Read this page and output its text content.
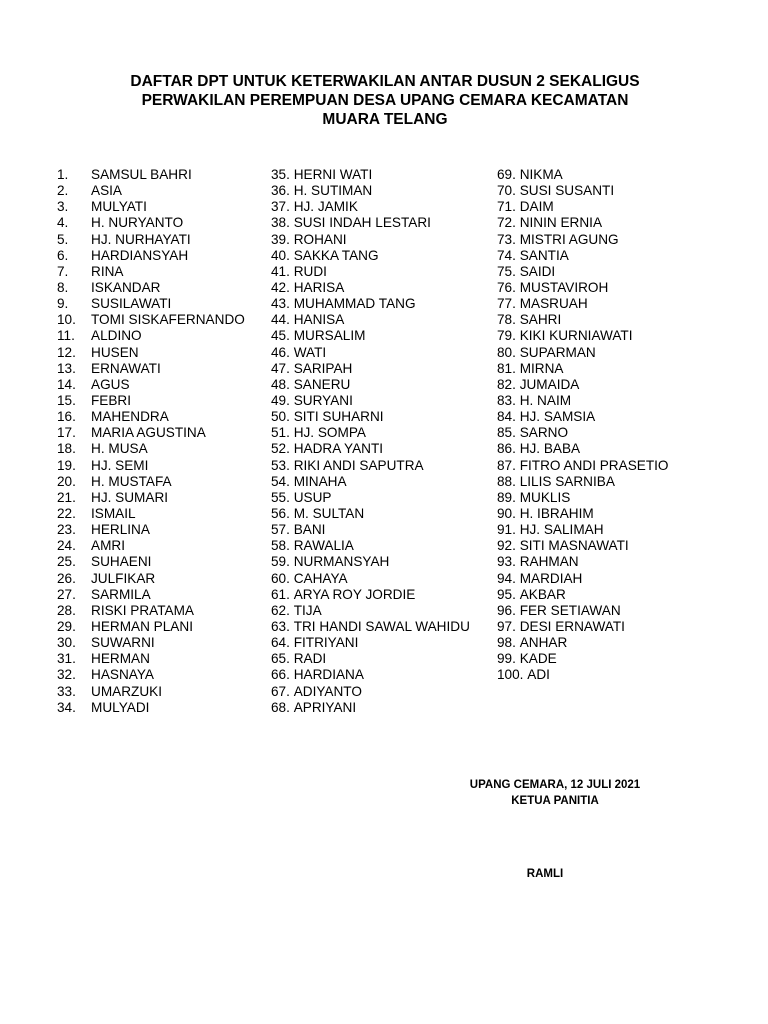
DAFTAR DPT UNTUK KETERWAKILAN ANTAR DUSUN 2 SEKALIGUS
PERWAKILAN PEREMPUAN DESA UPANG CEMARA KECAMATAN
MUARA TELANG
1.	SAMSUL BAHRI
2.	ASIA
3.	MULYATI
4.	H. NURYANTO
5.	HJ. NURHAYATI
6.	HARDIANSYAH
7.	RINA
8.	ISKANDAR
9.	SUSILAWATI
10.	TOMI SISKAFERNANDO
11.	ALDINO
12.	HUSEN
13.	ERNAWATI
14.	AGUS
15.	FEBRI
16.	MAHENDRA
17.	MARIA AGUSTINA
18.	H. MUSA
19.	HJ. SEMI
20.	H. MUSTAFA
21.	HJ. SUMARI
22.	ISMAIL
23.	HERLINA
24.	AMRI
25.	SUHAENI
26.	JULFIKAR
27.	SARMILA
28.	RISKI PRATAMA
29.	HERMAN PLANI
30.	SUWARNI
31.	HERMAN
32.	HASNAYA
33.	UMARZUKI
34.	MULYADI
35. HERNI WATI
36. H. SUTIMAN
37. HJ. JAMIK
38. SUSI INDAH LESTARI
39. ROHANI
40. SAKKA TANG
41. RUDI
42. HARISA
43. MUHAMMAD TANG
44. HANISA
45. MURSALIM
46. WATI
47. SARIPAH
48. SANERU
49. SURYANI
50. SITI SUHARNI
51. HJ. SOMPA
52. HADRA YANTI
53. RIKI ANDI SAPUTRA
54. MINAHA
55. USUP
56. M. SULTAN
57. BANI
58. RAWALIA
59. NURMANSYAH
60. CAHAYA
61. ARYA ROY JORDIE
62. TIJA
63. TRI HANDI SAWAL WAHIDU
64. FITRIYANI
65. RADI
66. HARDIANA
67. ADIYANTO
68. APRIYANI
69. NIKMA
70. SUSI SUSANTI
71. DAIM
72. NININ ERNIA
73. MISTRI AGUNG
74. SANTIA
75. SAIDI
76. MUSTAVIROH
77. MASRUAH
78. SAHRI
79. KIKI KURNIAWATI
80. SUPARMAN
81. MIRNA
82. JUMAIDA
83. H. NAIM
84. HJ. SAMSIA
85. SARNO
86. HJ. BABA
87. FITRO ANDI PRASETIO
88. LILIS SARNIBA
89. MUKLIS
90. H. IBRAHIM
91. HJ. SALIMAH
92. SITI MASNAWATI
93. RAHMAN
94. MARDIAH
95. AKBAR
96. FER SETIAWAN
97. DESI ERNAWATI
98. ANHAR
99. KADE
100. ADI
UPANG CEMARA, 12 JULI 2021
KETUA PANITIA
RAMLI
